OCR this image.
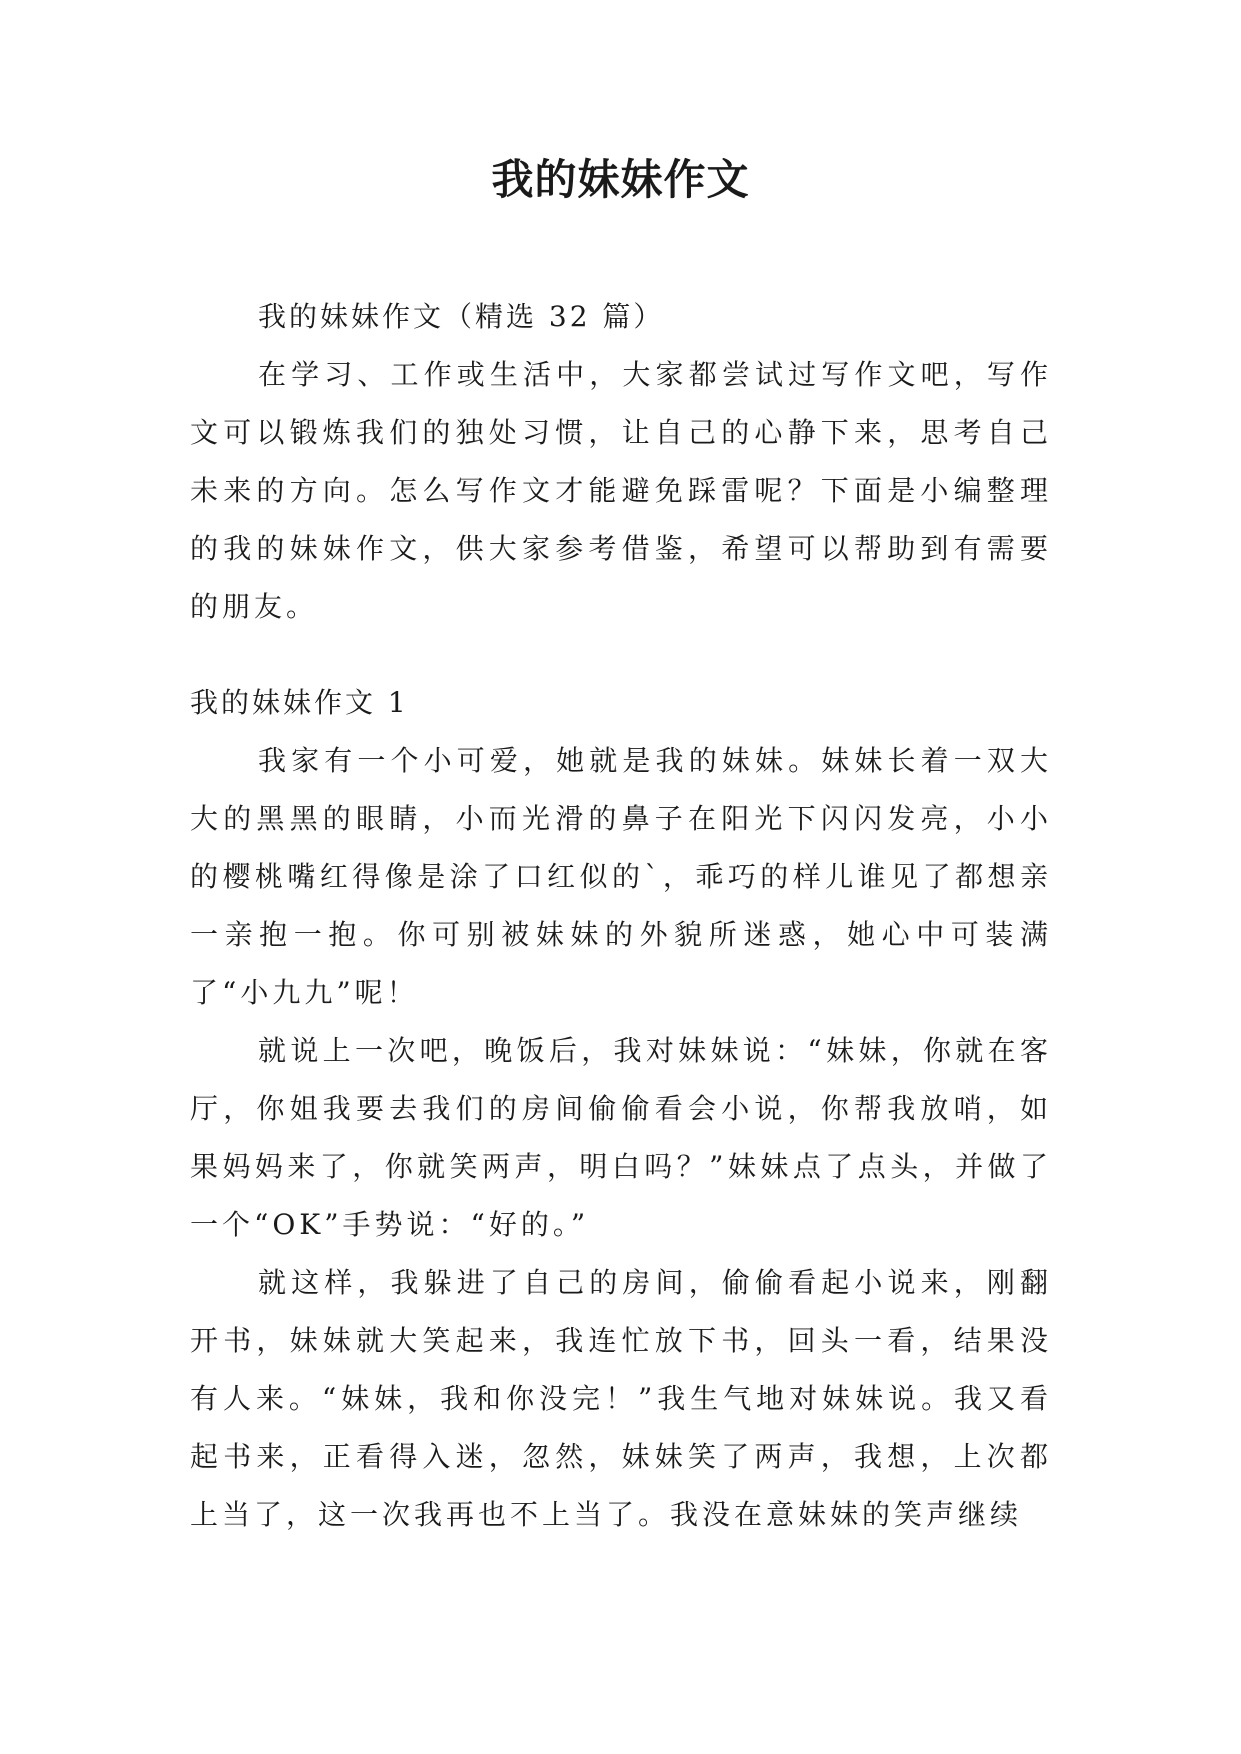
我的妹妹作文

我的妹妹作文（精选 32 篇）

在学习、工作或生活中，大家都尝试过写作文吧，写作文可以锻炼我们的独处习惯，让自己的心静下来，思考自己未来的方向。怎么写作文才能避免踩雷呢？下面是小编整理的我的妹妹作文，供大家参考借鉴，希望可以帮助到有需要的朋友。

我的妹妹作文 1

我家有一个小可爱，她就是我的妹妹。妹妹长着一双大大的黑黑的眼睛，小而光滑的鼻子在阳光下闪闪发亮，小小的樱桃嘴红得像是涂了口红似的`，乖巧的样儿谁见了都想亲一亲抱一抱。你可别被妹妹的外貌所迷惑，她心中可装满了“小九九”呢！

就说上一次吧，晚饭后，我对妹妹说：“妹妹，你就在客厅，你姐我要去我们的房间偷偷看会小说，你帮我放哨，如果妈妈来了，你就笑两声，明白吗？”妹妹点了点头，并做了一个“OK”手势说：“好的。”

就这样，我躲进了自己的房间，偷偷看起小说来，刚翻开书，妹妹就大笑起来，我连忙放下书，回头一看，结果没有人来。“妹妹，我和你没完！”我生气地对妹妹说。我又看起书来，正看得入迷，忽然，妹妹笑了两声，我想，上次都上当了，这一次我再也不上当了。我没在意妹妹的笑声继续
